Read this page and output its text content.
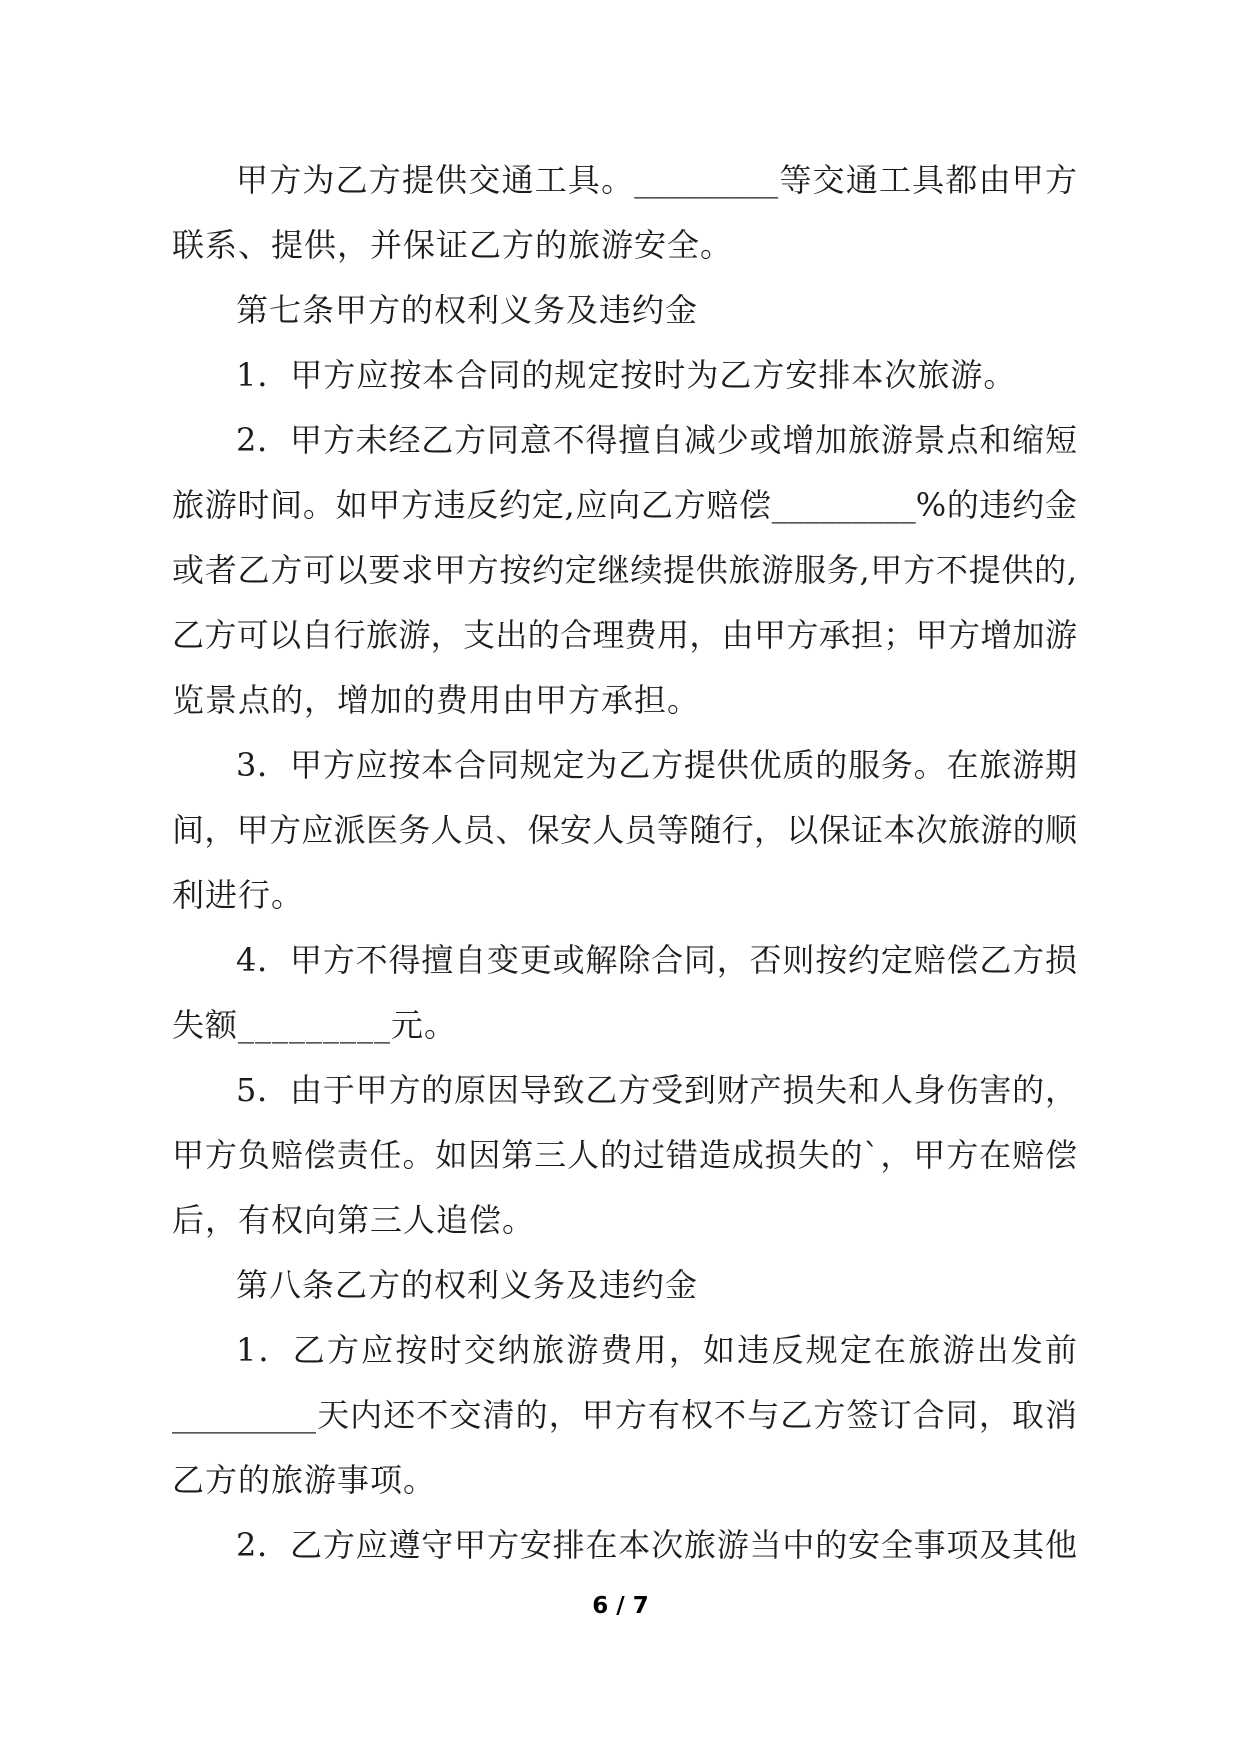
甲方为乙方提供交通工具。_________等交通工具都由甲方
联系、提供，并保证乙方的旅游安全。
第七条甲方的权利义务及违约金
1．甲方应按本合同的规定按时为乙方安排本次旅游。
2．甲方未经乙方同意不得擅自减少或增加旅游景点和缩短
旅游时间。如甲方违反约定,应向乙方赔偿_________%的违约金
或者乙方可以要求甲方按约定继续提供旅游服务,甲方不提供的,
乙方可以自行旅游，支出的合理费用，由甲方承担；甲方增加游
览景点的，增加的费用由甲方承担。
3．甲方应按本合同规定为乙方提供优质的服务。在旅游期
间，甲方应派医务人员、保安人员等随行，以保证本次旅游的顺
利进行。
4．甲方不得擅自变更或解除合同，否则按约定赔偿乙方损
失额_________元。
5．由于甲方的原因导致乙方受到财产损失和人身伤害的，
甲方负赔偿责任。如因第三人的过错造成损失的`，甲方在赔偿
后，有权向第三人追偿。
第八条乙方的权利义务及违约金
1．乙方应按时交纳旅游费用，如违反规定在旅游出发前
_________天内还不交清的，甲方有权不与乙方签订合同，取消
乙方的旅游事项。
2．乙方应遵守甲方安排在本次旅游当中的安全事项及其他
6 / 7
